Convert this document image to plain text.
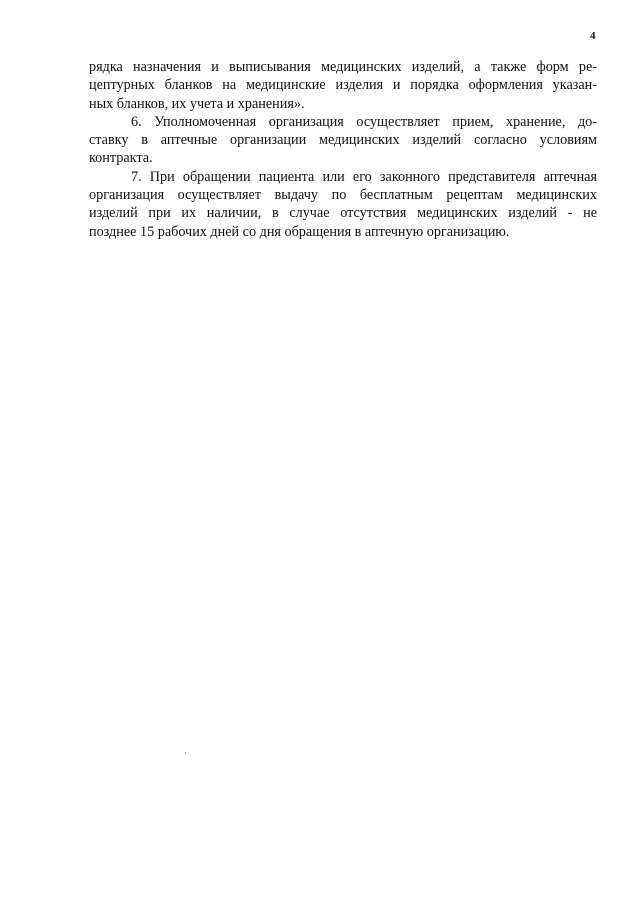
4
рядка назначения и выписывания медицинских изделий, а также форм ре-
цептурных бланков на медицинские изделия и порядка оформления указан-
ных бланков, их учета и хранения».
6. Уполномоченная организация осуществляет прием, хранение, до-
ставку в аптечные организации медицинских изделий согласно условиям
контракта.
7. При обращении пациента или его законного представителя аптечная
организация осуществляет выдачу по бесплатным рецептам медицинских
изделий при их наличии, в случае отсутствия медицинских изделий - не
позднее 15 рабочих дней со дня обращения в аптечную организацию.
